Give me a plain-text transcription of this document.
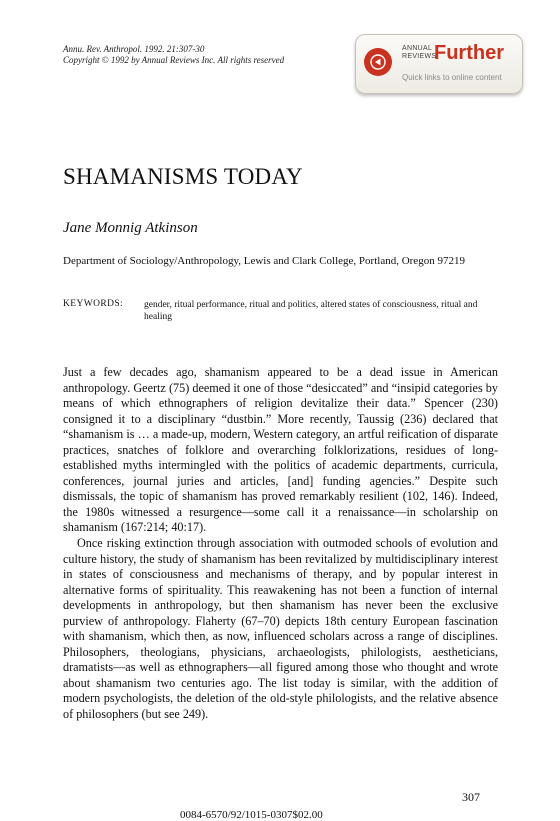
Annu. Rev. Anthropol. 1992. 21:307-30
Copyright © 1992 by Annual Reviews Inc. All rights reserved
ANNUAL
REVIEWS
Further
Quick links to online content
SHAMANISMS TODAY
Jane Monnig Atkinson
Department of Sociology/Anthropology, Lewis and Clark College, Portland, Oregon 97219
KEYWORDS: gender, ritual performance, ritual and politics, altered states of consciousness, ritual and healing

Just a few decades ago, shamanism appeared to be a dead issue in American anthropology. Geertz (75) deemed it one of those “desiccated” and “insipid categories by means of which ethnographers of religion devitalize their data.” Spencer (230) consigned it to a disciplinary “dustbin.” More recently, Taussig (236) declared that “shamanism is … a made-up, modern, Western category, an artful reification of disparate practices, snatches of folklore and overarching folklorizations, residues of long-established myths intermingled with the politics of academic departments, curricula, conferences, journal juries and articles, [and] funding agencies.” Despite such dismissals, the topic of shamanism has proved remarkably resilient (102, 146). Indeed, the 1980s witnessed a resurgence—some call it a renaissance—in scholarship on shamanism (167:214; 40:17).

Once risking extinction through association with outmoded schools of evolution and culture history, the study of shamanism has been revitalized by multidisciplinary interest in states of consciousness and mechanisms of therapy, and by popular interest in alternative forms of spirituality. This reawakening has not been a function of internal developments in anthropology, but then shamanism has never been the exclusive purview of anthropology. Flaherty (67–70) depicts 18th century European fascination with shamanism, which then, as now, influenced scholars across a range of disciplines. Philosophers, theologians, physicians, archaeologists, philologists, aestheticians, dramatists—as well as ethnographers—all figured among those who thought and wrote about shamanism two centuries ago. The list today is similar, with the addition of modern psychologists, the deletion of the old-style philologists, and the relative absence of philosophers (but see 249).

307
0084-6570/92/1015-0307$02.00
